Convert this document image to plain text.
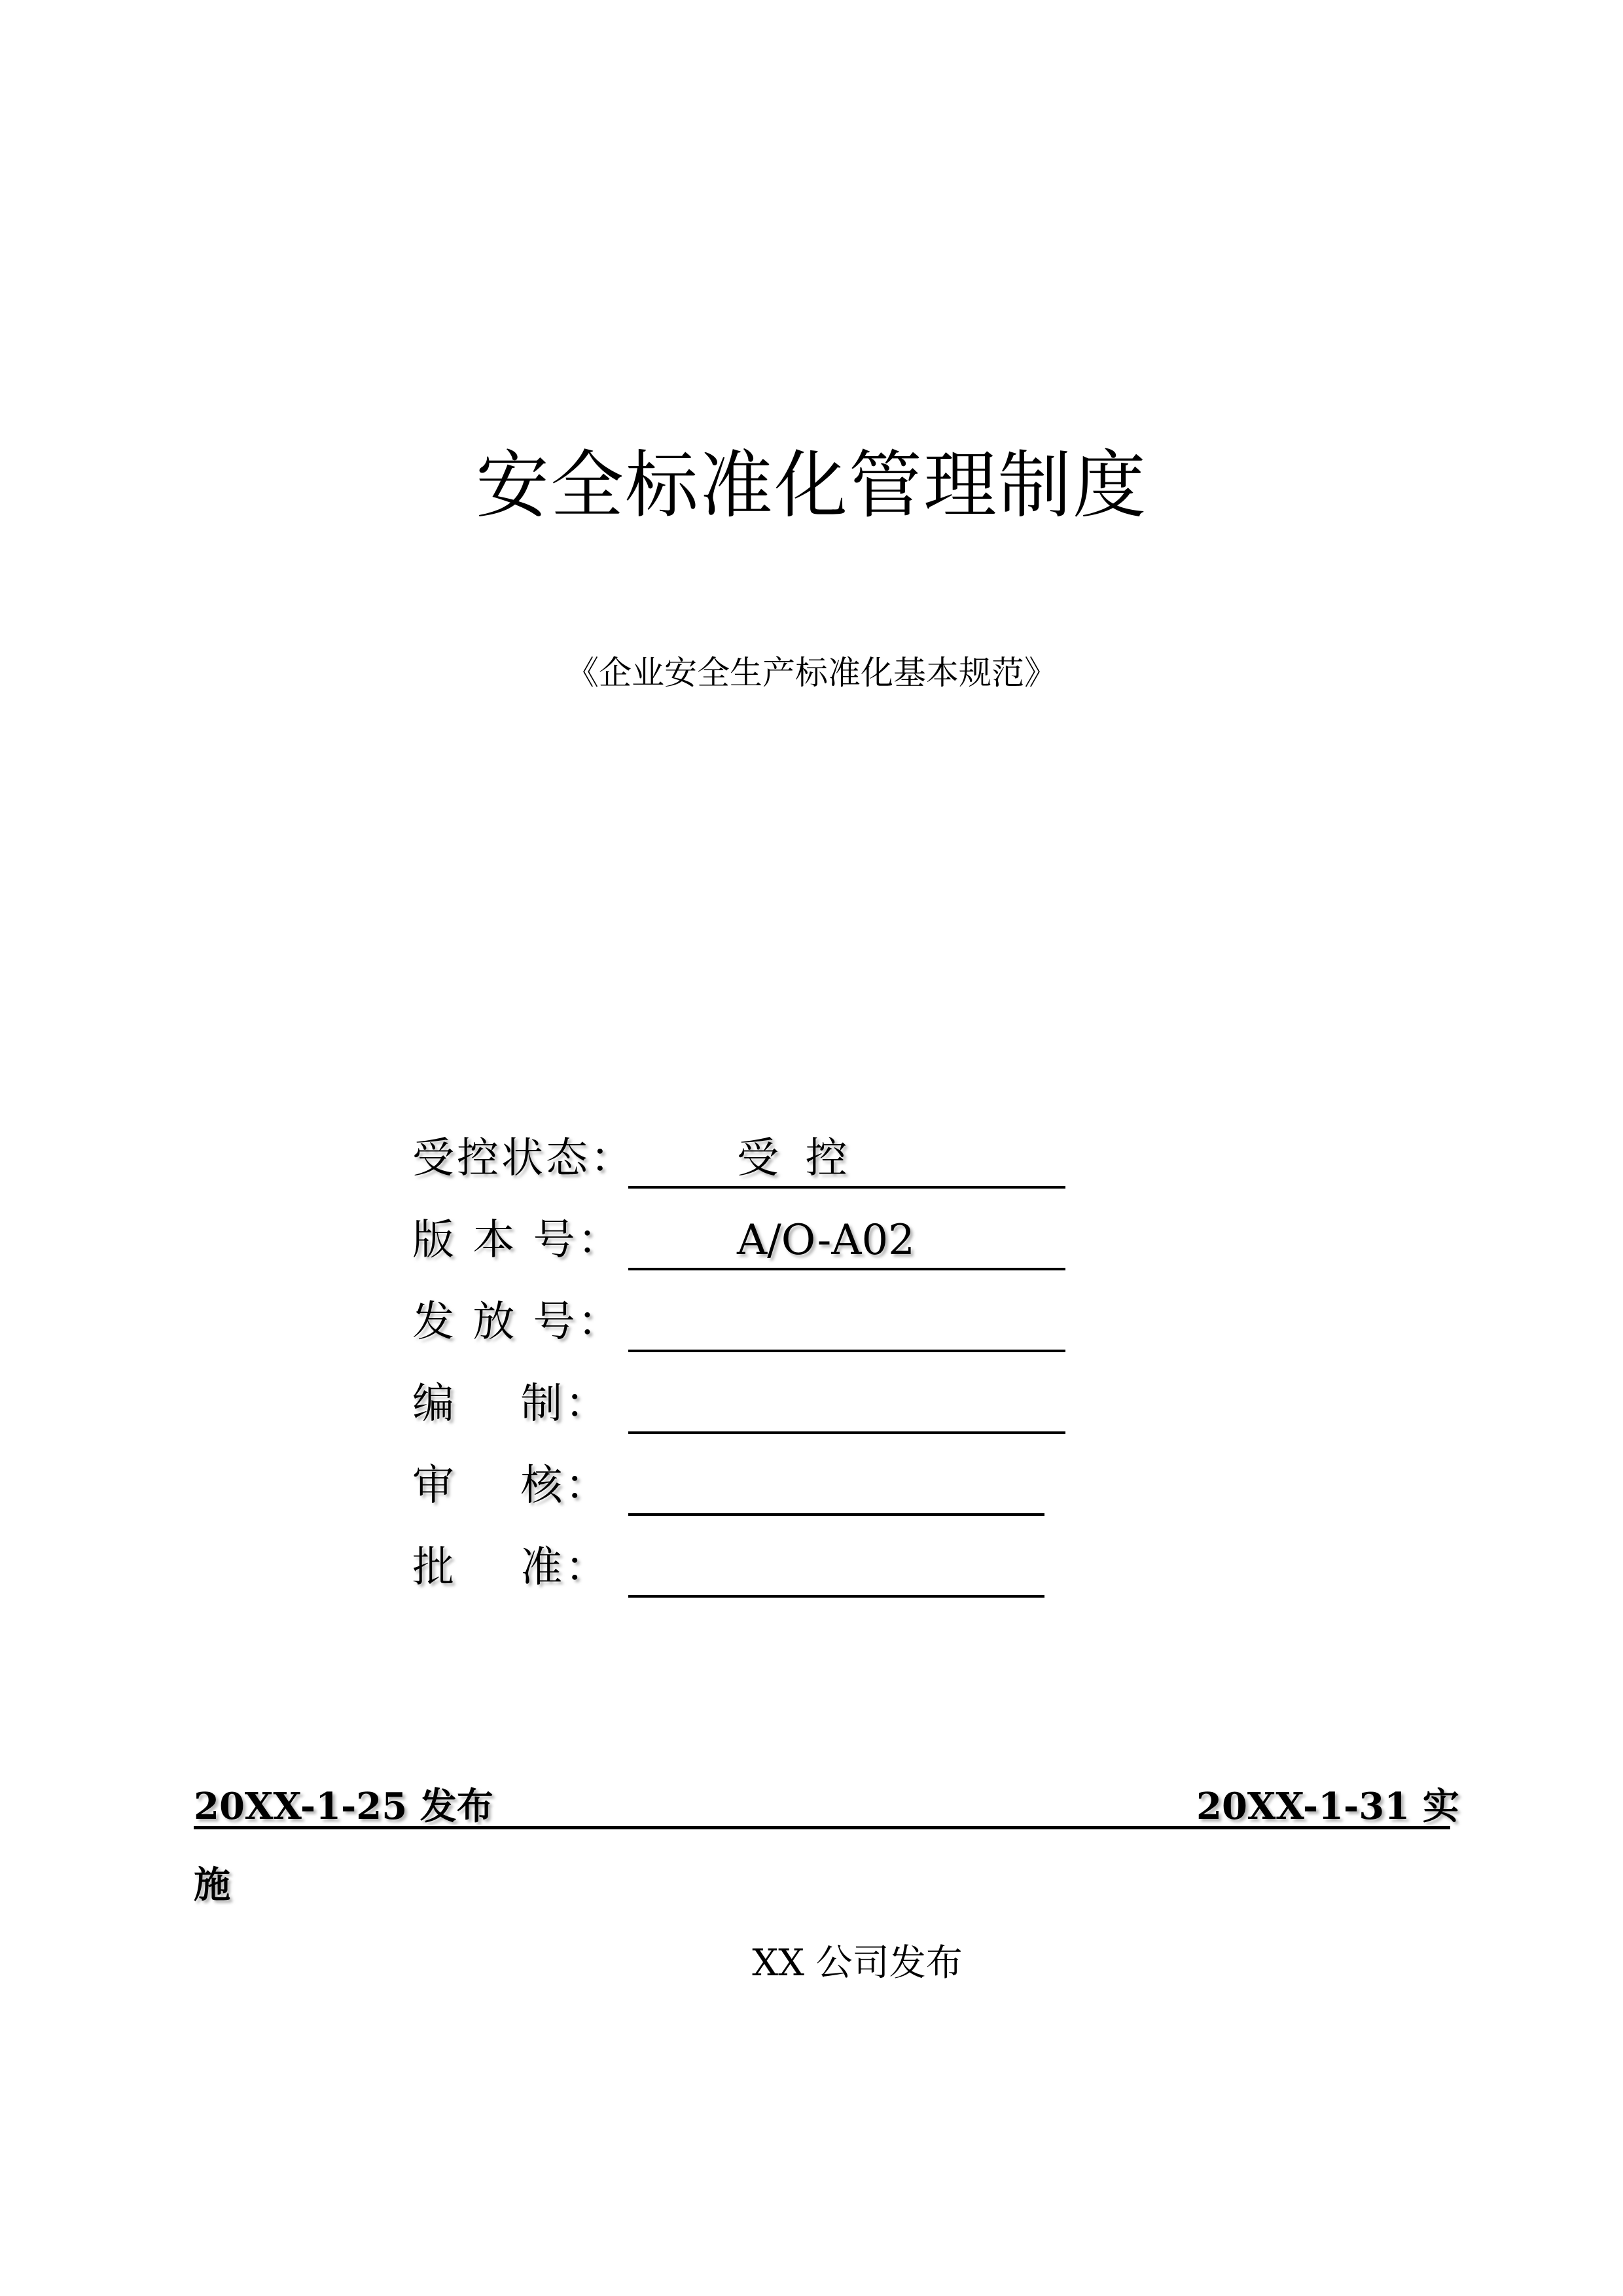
安全标准化管理制度
《企业安全生产标准化基本规范》
受控状态： 受  控
版 本 号：	A/O-A02
发 放 号：
编    制：
审    核：
批    准：
20XX-1-25 发布	20XX-1-31 实
施
XX 公司发布
